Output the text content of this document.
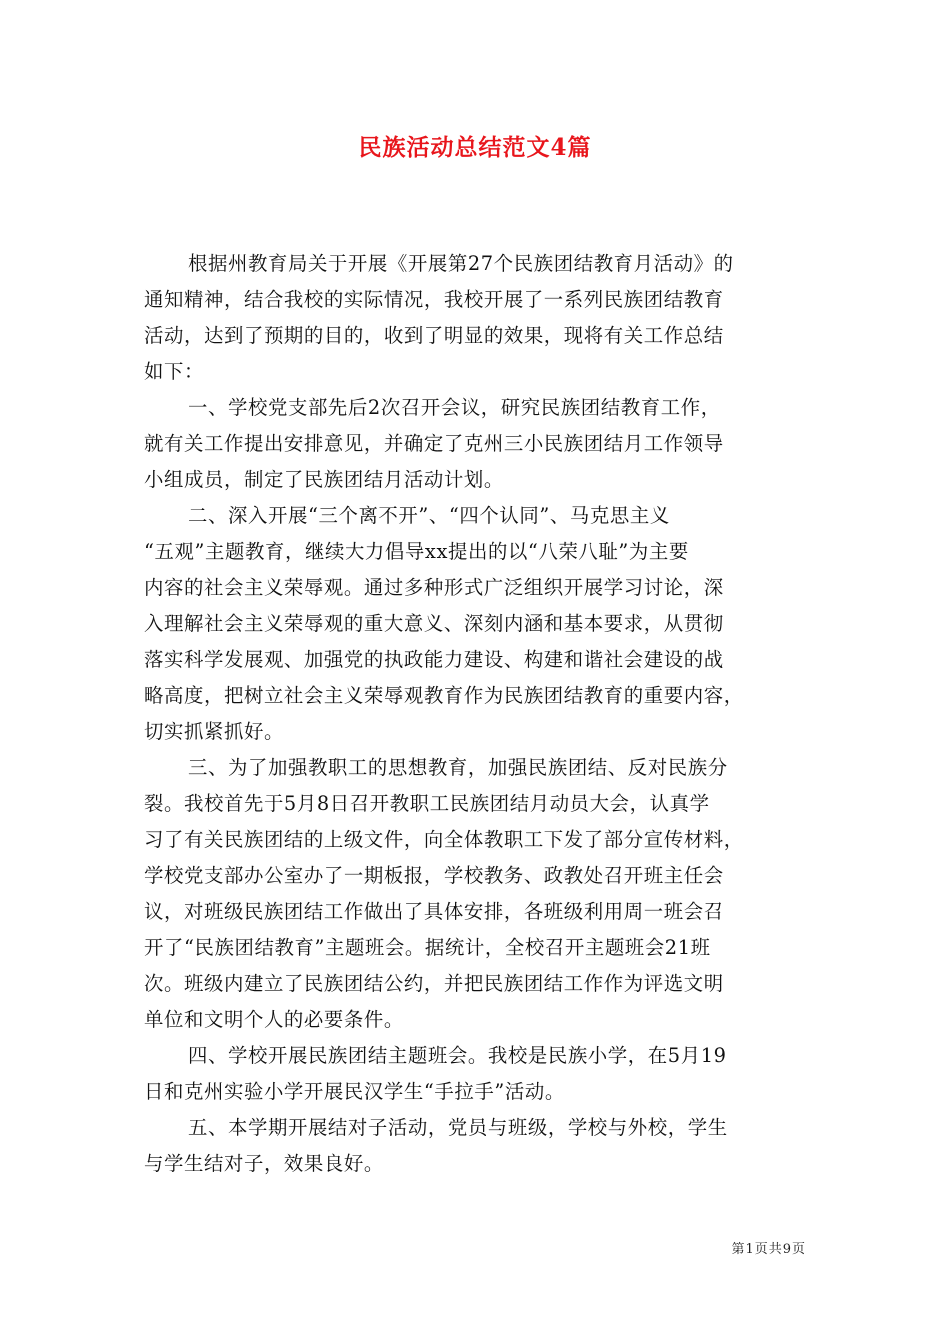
民族活动总结范文4篇
根据州教育局关于开展《开展第27个民族团结教育月活动》的
通知精神，结合我校的实际情况，我校开展了一系列民族团结教育
活动，达到了预期的目的，收到了明显的效果，现将有关工作总结
如下：
一、学校党支部先后2次召开会议，研究民族团结教育工作，
就有关工作提出安排意见，并确定了克州三小民族团结月工作领导
小组成员，制定了民族团结月活动计划。
二、深入开展“三个离不开”、“四个认同”、马克思主义
“五观”主题教育，继续大力倡导xx提出的以“八荣八耻”为主要
内容的社会主义荣辱观。通过多种形式广泛组织开展学习讨论，深
入理解社会主义荣辱观的重大意义、深刻内涵和基本要求，从贯彻
落实科学发展观、加强党的执政能力建设、构建和谐社会建设的战
略高度，把树立社会主义荣辱观教育作为民族团结教育的重要内容，
切实抓紧抓好。
三、为了加强教职工的思想教育，加强民族团结、反对民族分
裂。我校首先于5月8日召开教职工民族团结月动员大会，认真学
习了有关民族团结的上级文件，向全体教职工下发了部分宣传材料，
学校党支部办公室办了一期板报，学校教务、政教处召开班主任会
议，对班级民族团结工作做出了具体安排，各班级利用周一班会召
开了“民族团结教育”主题班会。据统计，全校召开主题班会21班
次。班级内建立了民族团结公约，并把民族团结工作作为评选文明
单位和文明个人的必要条件。
四、学校开展民族团结主题班会。我校是民族小学，在5月19
日和克州实验小学开展民汉学生“手拉手”活动。
五、本学期开展结对子活动，党员与班级，学校与外校，学生
与学生结对子，效果良好。
第1页共9页
